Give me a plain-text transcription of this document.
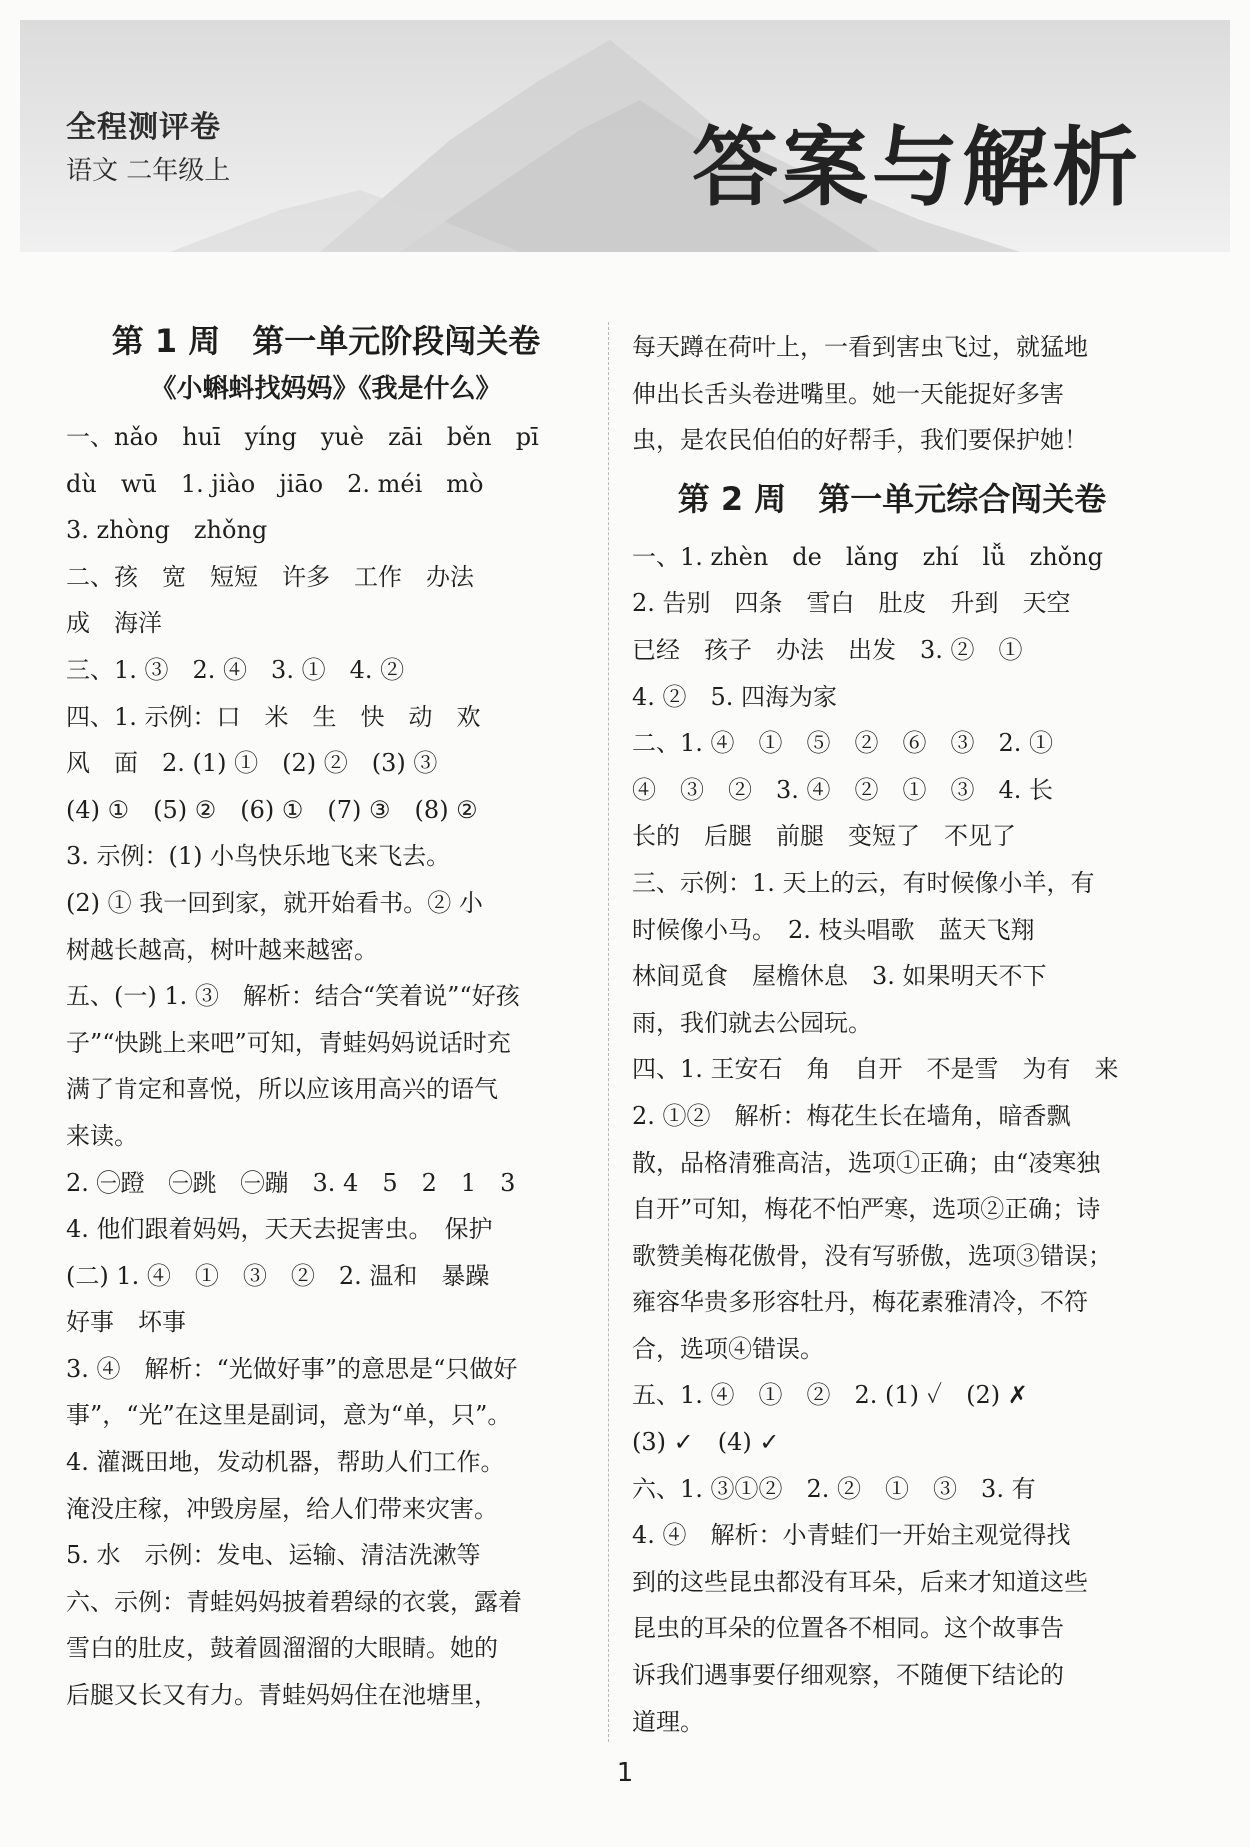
全程测评卷
语文 二年级上	答案与解析
第 1 周　第一单元阶段闯关卷
《小蝌蚪找妈妈》《我是什么》
一、nǎo　huī　yíng　yuè　zāi　běn　pī
dù　wū　1. jiào　jiāo　2. méi　mò
3. zhòng　zhǒng
二、孩　宽　短短　许多　工作　办法
成　海洋
三、1. ③　2. ④　3. ①　4. ②
四、1. 示例：口　米　生　快　动　欢
风　面　2. (1) ①　(2) ②　(3) ③
(4) ①　(5) ②　(6) ①　(7) ③　(8) ②
3. 示例：(1) 小鸟快乐地飞来飞去。
(2) ① 我一回到家，就开始看书。② 小
树越长越高，树叶越来越密。
五、(一) 1. ③　解析：结合“笑着说”“好孩
子”“快跳上来吧”可知，青蛙妈妈说话时充
满了肯定和喜悦，所以应该用高兴的语气
来读。
2. ㊀蹬　㊀跳　㊀蹦　3. 4　5　2　1　3
4. 他们跟着妈妈，天天去捉害虫。　保护
(二) 1. ④　①　③　②　2. 温和　暴躁
好事　坏事
3. ④　解析：“光做好事”的意思是“只做好
事”，“光”在这里是副词，意为“单，只”。
4. 灌溉田地，发动机器，帮助人们工作。
淹没庄稼，冲毁房屋，给人们带来灾害。
5. 水　示例：发电、运输、清洁洗漱等
六、示例：青蛙妈妈披着碧绿的衣裳，露着
雪白的肚皮，鼓着圆溜溜的大眼睛。她的
后腿又长又有力。青蛙妈妈住在池塘里，
每天蹲在荷叶上，一看到害虫飞过，就猛地
伸出长舌头卷进嘴里。她一天能捉好多害
虫，是农民伯伯的好帮手，我们要保护她！
第 2 周　第一单元综合闯关卷
一、1. zhèn　de　lǎng　zhí　lǚ　zhǒng
2. 告别　四条　雪白　肚皮　升到　天空
已经　孩子　办法　出发　3. ②　①
4. ②　5. 四海为家
二、1. ④　①　⑤　②　⑥　③　2. ①
④　③　②　3. ④　②　①　③　4. 长
长的　后腿　前腿　变短了　不见了
三、示例：1. 天上的云，有时候像小羊，有
时候像小马。　2. 枝头唱歌　蓝天飞翔
林间觅食　屋檐休息　3. 如果明天不下
雨，我们就去公园玩。
四、1. 王安石　角　自开　不是雪　为有　来
2. ①②　解析：梅花生长在墙角，暗香飘
散，品格清雅高洁，选项①正确；由“凌寒独
自开”可知，梅花不怕严寒，选项②正确；诗
歌赞美梅花傲骨，没有写骄傲，选项③错误；
雍容华贵多形容牡丹，梅花素雅清冷，不符
合，选项④错误。
五、1. ④　①　②　2. (1) ✓　(2) ✗
(3) ✓　(4) ✓
六、1. ③①②　2. ②　①　③　3. 有
4. ④　解析：小青蛙们一开始主观觉得找
到的这些昆虫都没有耳朵，后来才知道这些
昆虫的耳朵的位置各不相同。这个故事告
诉我们遇事要仔细观察，不随便下结论的
道理。
1
